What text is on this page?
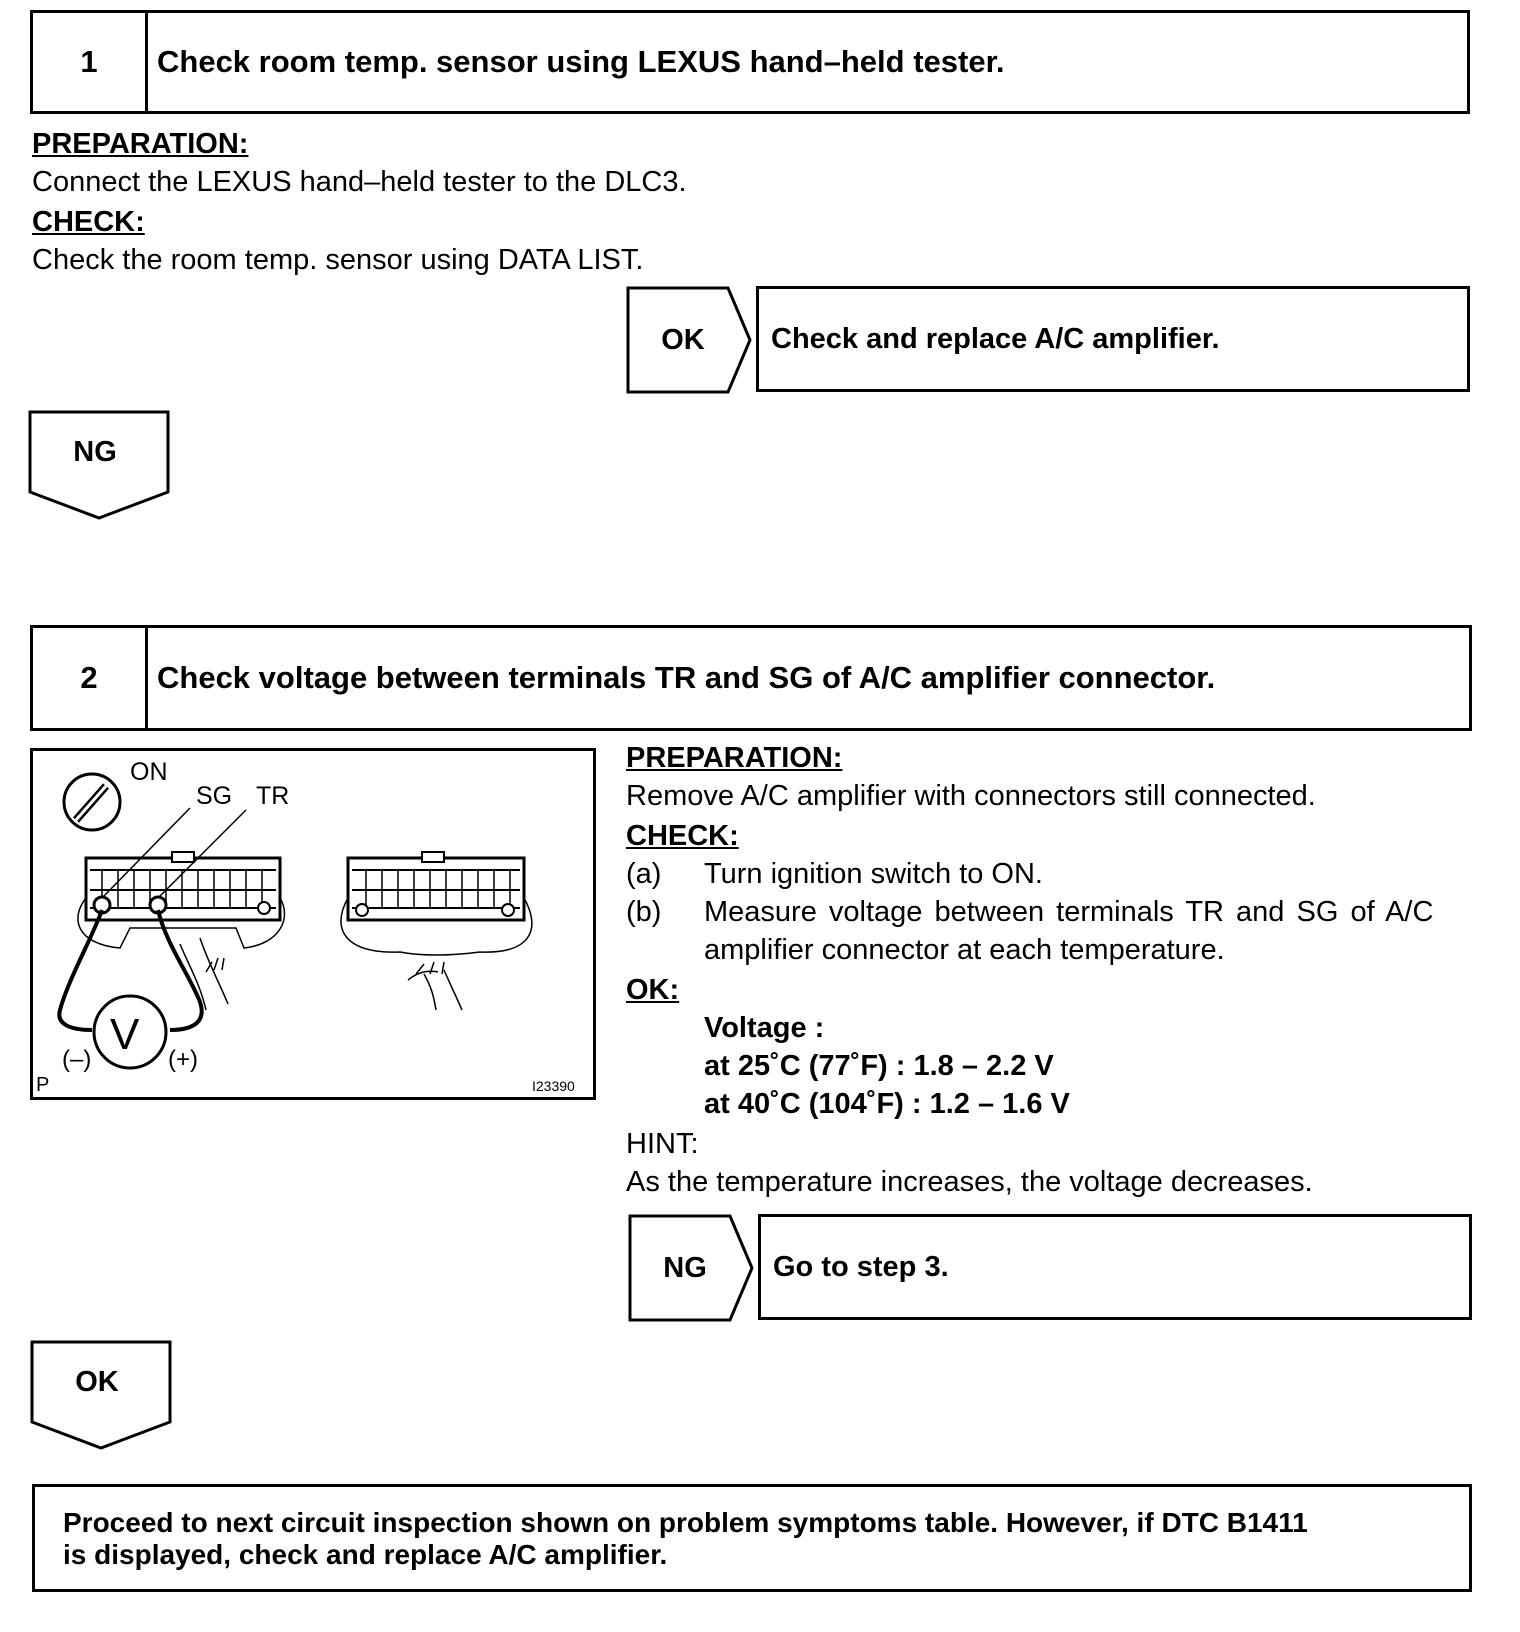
1	Check room temp. sensor using LEXUS hand–held tester.
PREPARATION:
Connect the LEXUS hand–held tester to the DLC3.
CHECK:
Check the room temp. sensor using DATA LIST.
OK	Check and replace A/C amplifier.
NG
2	Check voltage between terminals TR and SG of A/C amplifier connector.
ON
SG TR
V
(–)	(+)
P	I23390
PREPARATION:
Remove A/C amplifier with connectors still connected.
CHECK:
(a) Turn ignition switch to ON.
(b) Measure voltage between terminals TR and SG of A/C
amplifier connector at each temperature.
OK:
Voltage :
at 25˚C (77˚F) : 1.8 – 2.2 V
at 40˚C (104˚F) : 1.2 – 1.6 V
HINT:
As the temperature increases, the voltage decreases.
NG	Go to step 3.
OK
Proceed to next circuit inspection shown on problem symptoms table. However, if DTC B1411
is displayed, check and replace A/C amplifier.
